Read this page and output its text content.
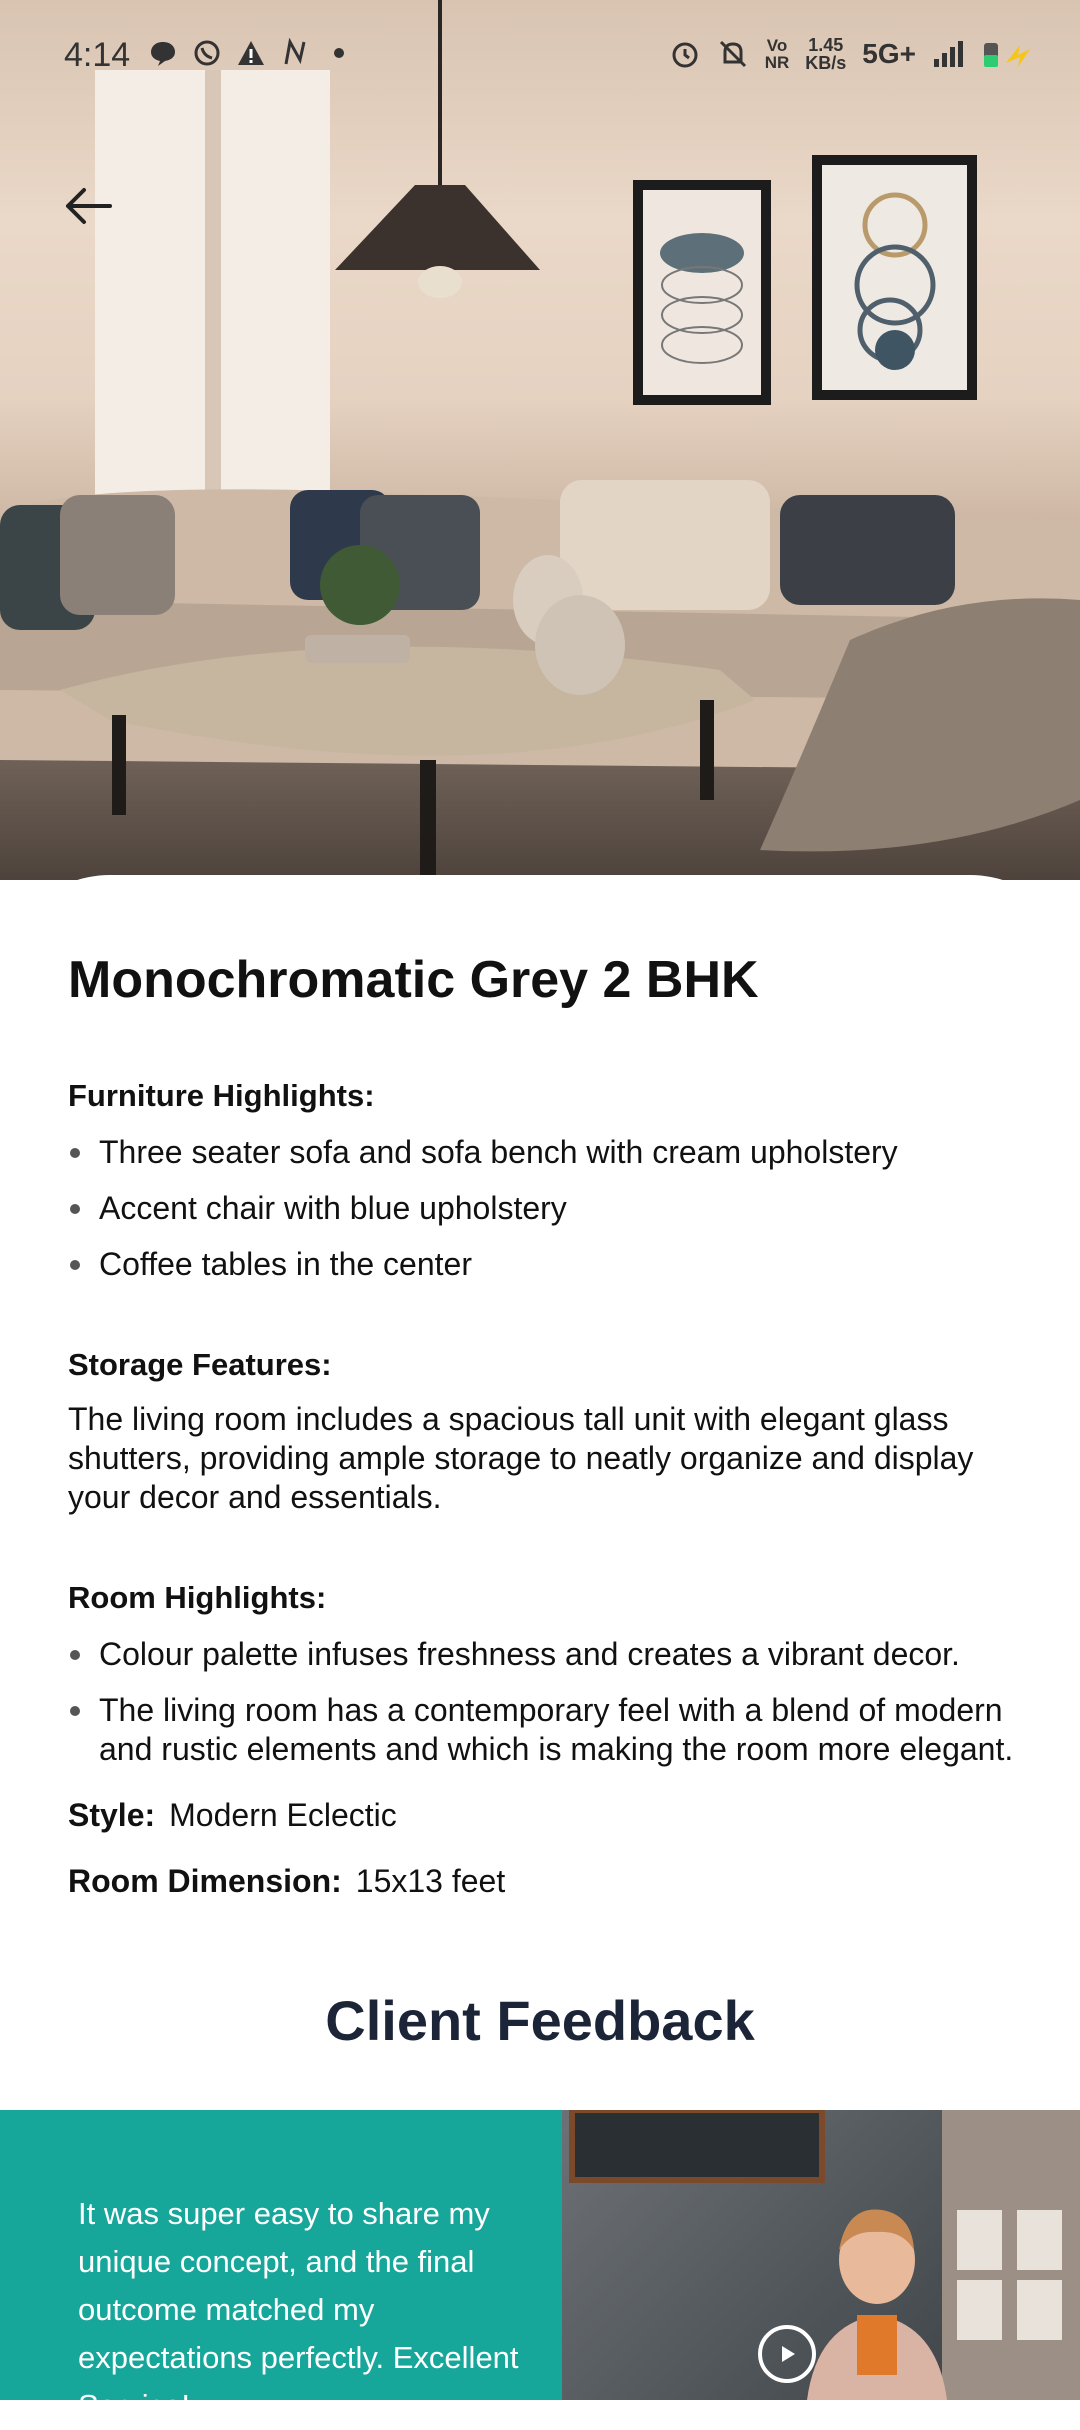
4:14	Vo
NR
1.45
KB/s 5G+
Monochromatic Grey 2 BHK
Furniture Highlights:
Three seater sofa and sofa bench with cream upholstery
Accent chair with blue upholstery
Coffee tables in the center
Storage Features:

The living room includes a spacious tall unit with elegant glass shutters, providing ample storage to neatly organize and display your decor and essentials.

Room Highlights:
Colour palette infuses freshness and creates a vibrant decor.
The living room has a contemporary feel with a blend of modern and rustic elements and which is making the room more elegant.
Style: Modern Eclectic
Room Dimension: 15x13 feet
Client Feedback

It was super easy to share my unique concept, and the final outcome matched my expectations perfectly. Excellent Service!
